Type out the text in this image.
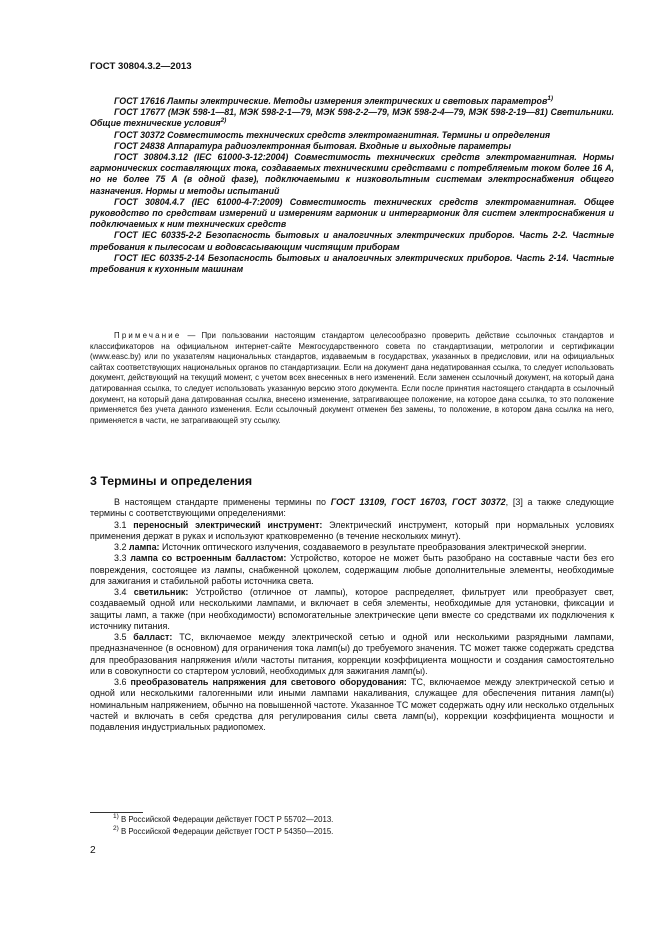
ГОСТ 30804.3.2—2013

ГОСТ 17616 Лампы электрические. Методы измерения электрических и световых параметров$^{1)}$

ГОСТ 17677 (МЭК 598-1—81, МЭК 598-2-1—79, МЭК 598-2-2—79, МЭК 598-2-4—79, МЭК 598-2-19—81) Светильники. Общие технические условия$^{2)}$

ГОСТ 30372 Совместимость технических средств электромагнитная. Термины и определения

ГОСТ 24838 Аппаратура радиоэлектронная бытовая. Входные и выходные параметры

ГОСТ 30804.3.12 (IEC 61000-3-12:2004) Совместимость технических средств электромагнитная. Нормы гармонических составляющих тока, создаваемых техническими средствами с потребляемым током более 16 А, но не более 75 А (в одной фазе), подключаемыми к низковольтным системам электроснабжения общего назначения. Нормы и методы испытаний

ГОСТ 30804.4.7 (IEC 61000-4-7:2009) Совместимость технических средств электромагнитная. Общее руководство по средствам измерений и измерениям гармоник и интергармоник для систем электроснабжения и подключаемых к ним технических средств

ГОСТ IEC 60335-2-2 Безопасность бытовых и аналогичных электрических приборов. Часть 2-2. Частные требования к пылесосам и водовсасывающим чистящим приборам

ГОСТ IEC 60335-2-14 Безопасность бытовых и аналогичных электрических приборов. Часть 2-14. Частные требования к кухонным машинам

Примечание — При пользовании настоящим стандартом целесообразно проверить действие ссылочных стандартов и классификаторов на официальном интернет-сайте Межгосударственного совета по стандартизации, метрологии и сертификации (www.easc.by) или по указателям национальных стандартов, издаваемым в государствах, указанных в предисловии, или на официальных сайтах соответствующих национальных органов по стандартизации. Если на документ дана недатированная ссылка, то следует использовать документ, действующий на текущий момент, с учетом всех внесенных в него изменений. Если заменен ссылочный документ, на который дана датированная ссылка, то следует использовать указанную версию этого документа. Если после принятия настоящего стандарта в ссылочный документ, на который дана датированная ссылка, внесено изменение, затрагивающее положение, на которое дана ссылка, то это положение применяется без учета данного изменения. Если ссылочный документ отменен без замены, то положение, в котором дана ссылка на него, применяется в части, не затрагивающей эту ссылку.
3 Термины и определения

В настоящем стандарте применены термины по ГОСТ 13109, ГОСТ 16703, ГОСТ 30372, [3] а также следующие термины с соответствующими определениями:

3.1 переносный электрический инструмент: Электрический инструмент, который при нормальных условиях применения держат в руках и используют кратковременно (в течение нескольких минут).

3.2 лампа: Источник оптического излучения, создаваемого в результате преобразования электрической энергии.

3.3 лампа со встроенным балластом: Устройство, которое не может быть разобрано на составные части без его повреждения, состоящее из лампы, снабженной цоколем, содержащим любые дополнительные элементы, необходимые для зажигания и стабильной работы источника света.

3.4 светильник: Устройство (отличное от лампы), которое распределяет, фильтрует или преобразует свет, создаваемый одной или несколькими лампами, и включает в себя элементы, необходимые для установки, фиксации и защиты ламп, а также (при необходимости) вспомогательные электрические цепи вместе со средствами их подключения к источнику питания.

3.5 балласт: ТС, включаемое между электрической сетью и одной или несколькими разрядными лампами, предназначенное (в основном) для ограничения тока ламп(ы) до требуемого значения. ТС может также содержать средства для преобразования напряжения и/или частоты питания, коррекции коэффициента мощности и создания самостоятельно или в совокупности со стартером условий, необходимых для зажигания ламп(ы).

3.6 преобразователь напряжения для светового оборудования: ТС, включаемое между электрической сетью и одной или несколькими галогенными или иными лампами накаливания, служащее для обеспечения питания ламп(ы) номинальным напряжением, обычно на повышенной частоте. Указанное ТС может содержать одну или несколько отдельных частей и включать в себя средства для регулирования силы света ламп(ы), коррекции коэффициента мощности и подавления индустриальных радиопомех.

$^{1)}$ В Российской Федерации действует ГОСТ Р 55702—2013.
$^{2)}$ В Российской Федерации действует ГОСТ Р 54350—2015.
2
